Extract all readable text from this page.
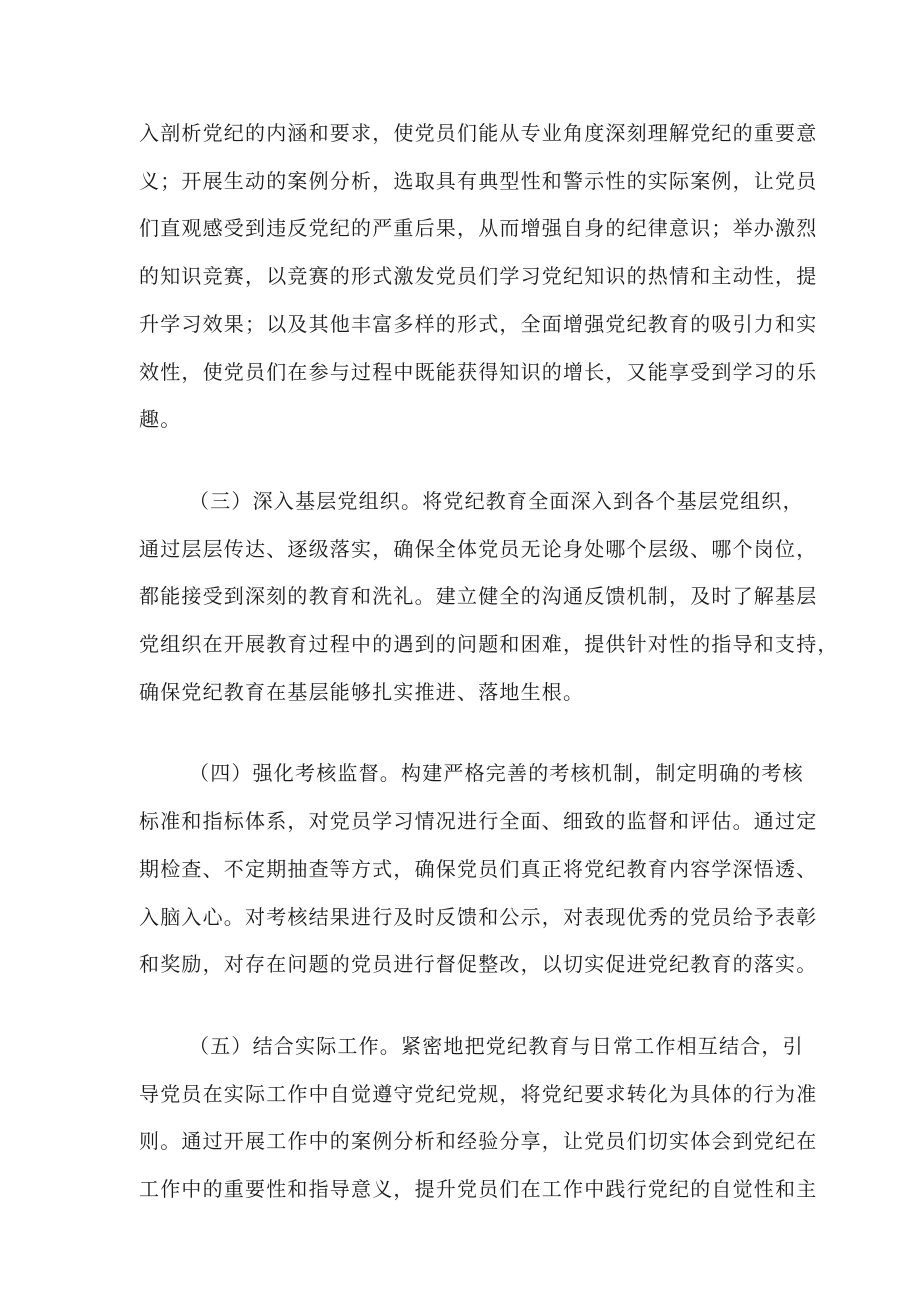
入剖析党纪的内涵和要求，使党员们能从专业角度深刻理解党纪的重要意
义；开展生动的案例分析，选取具有典型性和警示性的实际案例，让党员
们直观感受到违反党纪的严重后果，从而增强自身的纪律意识；举办激烈
的知识竞赛，以竞赛的形式激发党员们学习党纪知识的热情和主动性，提
升学习效果；以及其他丰富多样的形式，全面增强党纪教育的吸引力和实
效性，使党员们在参与过程中既能获得知识的增长，又能享受到学习的乐
趣。

（三）深入基层党组织。将党纪教育全面深入到各个基层党组织，
通过层层传达、逐级落实，确保全体党员无论身处哪个层级、哪个岗位，
都能接受到深刻的教育和洗礼。建立健全的沟通反馈机制，及时了解基层
党组织在开展教育过程中的遇到的问题和困难，提供针对性的指导和支持，
确保党纪教育在基层能够扎实推进、落地生根。

（四）强化考核监督。构建严格完善的考核机制，制定明确的考核
标准和指标体系，对党员学习情况进行全面、细致的监督和评估。通过定
期检查、不定期抽查等方式，确保党员们真正将党纪教育内容学深悟透、
入脑入心。对考核结果进行及时反馈和公示，对表现优秀的党员给予表彰
和奖励，对存在问题的党员进行督促整改，以切实促进党纪教育的落实。

（五）结合实际工作。紧密地把党纪教育与日常工作相互结合，引
导党员在实际工作中自觉遵守党纪党规，将党纪要求转化为具体的行为准
则。通过开展工作中的案例分析和经验分享，让党员们切实体会到党纪在
工作中的重要性和指导意义，提升党员们在工作中践行党纪的自觉性和主
